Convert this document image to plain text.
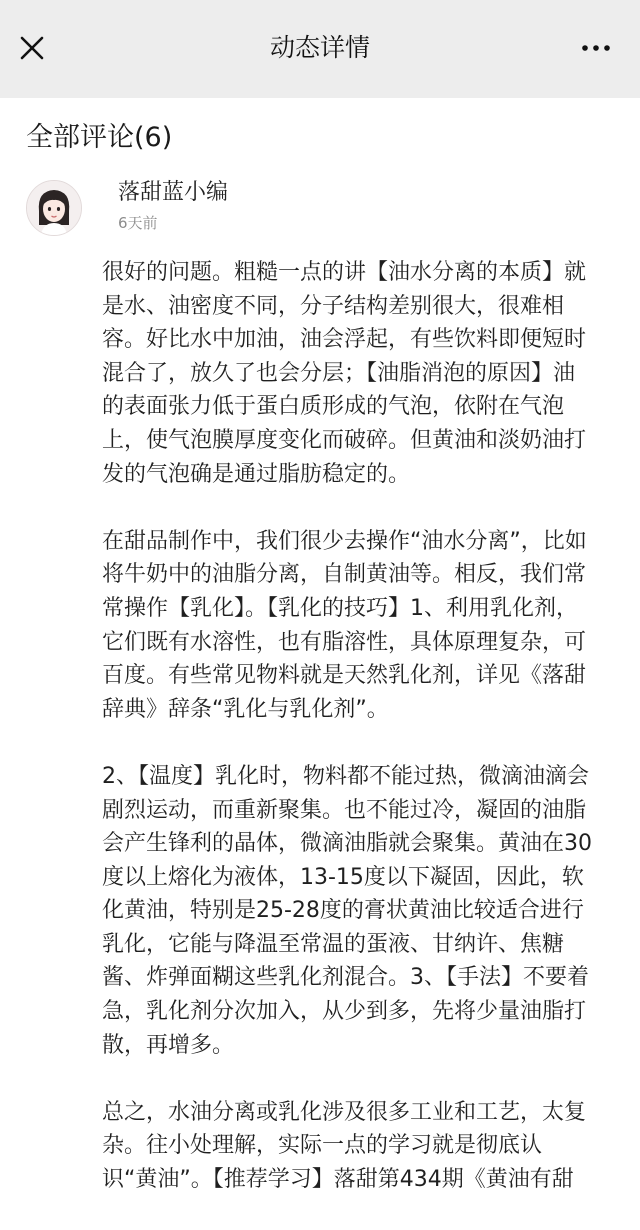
动态详情
全部评论(6)
落甜蓝小编
6天前

很好的问题。粗糙一点的讲【油水分离的本质】就是水、油密度不同，分子结构差别很大，很难相容。好比水中加油，油会浮起，有些饮料即便短时混合了，放久了也会分层；【油脂消泡的原因】油的表面张力低于蛋白质形成的气泡，依附在气泡上，使气泡膜厚度变化而破碎。但黄油和淡奶油打发的气泡确是通过脂肪稳定的。

在甜品制作中，我们很少去操作“油水分离”，比如将牛奶中的油脂分离，自制黄油等。相反，我们常常操作【乳化】。【乳化的技巧】1、利用乳化剂，它们既有水溶性，也有脂溶性，具体原理复杂，可百度。有些常见物料就是天然乳化剂，详见《落甜辞典》辞条“乳化与乳化剂”。

2、【温度】乳化时，物料都不能过热，微滴油滴会剧烈运动，而重新聚集。也不能过冷，凝固的油脂会产生锋利的晶体，微滴油脂就会聚集。黄油在30度以上熔化为液体，13-15度以下凝固，因此，软化黄油，特别是25-28度的膏状黄油比较适合进行乳化，它能与降温至常温的蛋液、甘纳许、焦糖酱、炸弹面糊这些乳化剂混合。3、【手法】不要着急，乳化剂分次加入，从少到多，先将少量油脂打散，再增多。

总之，水油分离或乳化涉及很多工业和工艺，太复杂。往小处理解，实际一点的学习就是彻底认识“黄油”。【推荐学习】落甜第434期《黄油有甜
